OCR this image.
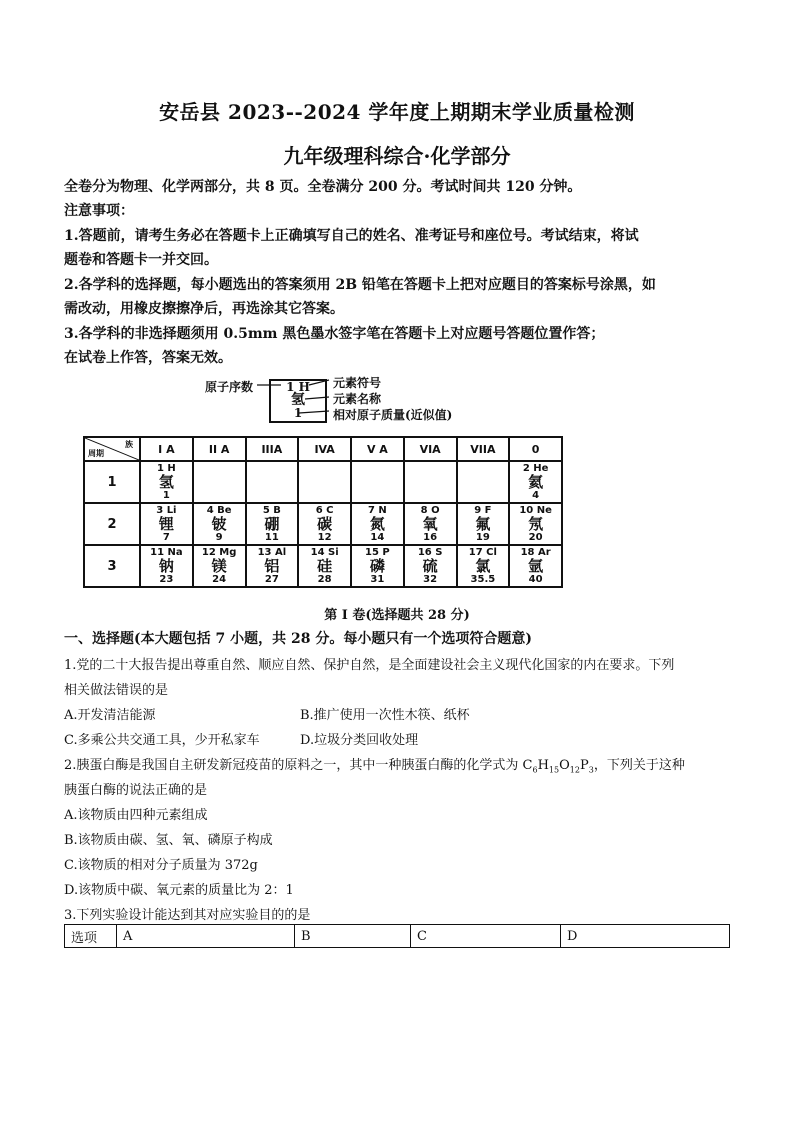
安岳县 2023--2024 学年度上期期末学业质量检测
九年级理科综合·化学部分
全卷分为物理、化学两部分，共 8 页。全卷满分 200 分。考试时间共 120 分钟。
注意事项：
1.答题前，请考生务必在答题卡上正确填写自己的姓名、准考证号和座位号。考试结束，将试
题卷和答题卡一并交回。
2.各学科的选择题，每小题选出的答案须用 2B 铅笔在答题卡上把对应题目的答案标号涂黑，如
需改动，用橡皮擦擦净后，再选涂其它答案。
3.各学科的非选择题须用 0.5mm 黑色墨水签字笔在答题卡上对应题号答题位置作答；
在试卷上作答，答案无效。
原子序数	1 H
氢
1
元素符号
元素名称
相对原子质量(近似值)
族
周期	I A	II A	IIIA	IVA	V A	VIA	VIIA	0
1	1 H
氢
1							2 He
氦
4

2	3 Li
锂
7	4 Be
铍
9	5 B
硼
11	6 C
碳
12	7 N
氮
14	8 O
氧
16	9 F
氟
19	10 Ne
氖
20

3	11 Na
钠
23	12 Mg
镁
24	13 Al
铝
27	14 Si
硅
28	15 P
磷
31	16 S
硫
32	17 Cl
氯
35.5	18 Ar
氩
40
第 I 卷(选择题共 28 分)
一、选择题(本大题包括 7 小题，共 28 分。每小题只有一个选项符合题意)
1.党的二十大报告提出尊重自然、顺应自然、保护自然，是全面建设社会主义现代化国家的内在要求。下列
相关做法错误的是
A.开发清洁能源	B.推广使用一次性木筷、纸杯
C.多乘公共交通工具，少开私家车	D.垃圾分类回收处理
2.胰蛋白酶是我国自主研发新冠疫苗的原料之一，其中一种胰蛋白酶的化学式为 $C_6H_{15}O_{12}P_3$，下列关于这种
胰蛋白酶的说法正确的是
A.该物质由四种元素组成
B.该物质由碳、氢、氧、磷原子构成
C.该物质的相对分子质量为 372g
D.该物质中碳、氧元素的质量比为 2：1
3.下列实验设计能达到其对应实验目的的是
选项	A	B	C	D
